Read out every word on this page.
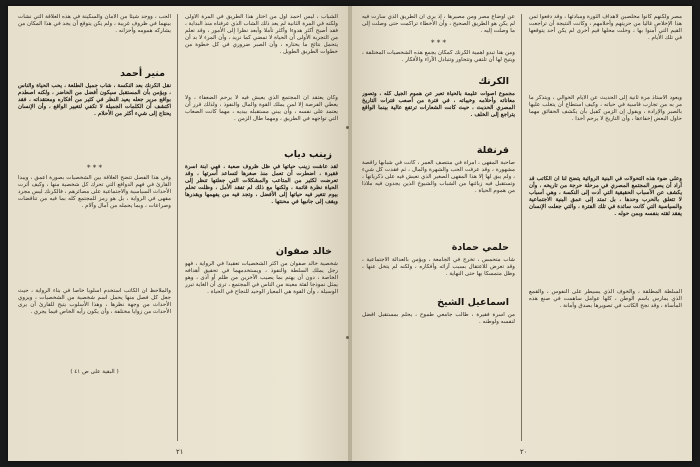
الشباب ، ليس أحمد أول من اختار هذا الطريق في المرة الأولى ولكنه في المرة الثانية لم يعد ذلك الشاب الذي عرفناه منذ البداية ، فقد أصبح أكثر هدوءا وأكثر تأملا وأبعد نظرا إلى الأمور ، وقد تعلم من التجربة الأولى أن الحياة لا تمضي كما نريد ، وأن المرء لا بد أن يتحمل نتائج ما يختاره ، وأن الصبر ضروري في كل خطوة من خطوات الطريق الطويل .

وكان يعتقد أن المجتمع الذي يعيش فيه لا يرحم الضعفاء ، ولا يعطي الفرصة إلا لمن يملك القوة والمال والنفوذ ، ولذلك قرر أن يعتمد على نفسه ، وأن يبني مستقبله بيديه ، مهما كانت الصعاب التي تواجهه في الطريق ، ومهما طال الزمن .

زينب دياب

لقد عاشت زينب حياتها في ظل ظروف صعبة ، فهي ابنة أسرة فقيرة ، اضطرت أن تعمل منذ صغرها لتساعد أسرتها ، وقد تعرضت لكثير من المتاعب والمشكلات التي جعلتها تنظر إلى الحياة نظرة قاتمة ، ولكنها مع ذلك لم تفقد الأمل ، وظلت تحلم بيوم تتغير فيه حياتها إلى الأفضل ، وتجد فيه من يفهمها ويقدرها ويقف إلى جانبها في محنتها .

خالد صفوان

شخصية خالد صفوان من أكثر الشخصيات تعقيدا في الرواية ، فهو رجل يملك السلطة والنفوذ ، ويستخدمهما في تحقيق أهدافه الخاصة ، دون أن يهتم بما يصيب الآخرين من ظلم أو أذى ، وهو يمثل نموذجا لفئة معينة من الناس في المجتمع ، ترى أن الغاية تبرر الوسيلة ، وأن القوة هي المعيار الوحيد للنجاح في الحياة .

الحب ، ووجد شيئا من الأمان والسكينة في هذه العلاقة التي نشأت بينهما في ظروف غريبة ، ولم يكن يتوقع أن يجد في هذا المكان من يشاركه همومه وأحزانه .

منير أحمد

نقل الكرنك بعد النكسة ، شاب جميل الطلعة ، يحب الحياة والناس ، ويؤمن بأن المستقبل سيكون أفضل من الحاضر ، ولكنه اصطدم بواقع مرير جعله يعيد النظر في كثير من أفكاره ومعتقداته ، فقد اكتشف أن الكلمات الجميلة لا تكفي لتغيير الواقع ، وأن الإنسان يحتاج إلى شيء أكثر من الأحلام .

* * *

وفي هذا الفصل تتضح العلاقة بين الشخصيات بصورة أعمق ، ويبدأ القارئ في فهم الدوافع التي تحرك كل شخصية منها ، وكيف أثرت الأحداث السياسية والاجتماعية على مصائرهم ، فالكرنك ليس مجرد مقهى في الرواية ، بل هو رمز للمجتمع كله بما فيه من تناقضات وصراعات ، وبما يحمله من آمال وآلام .

والملاحظ أن الكاتب استخدم أسلوبا خاصا في بناء الرواية ، حيث جعل كل فصل منها يحمل اسم شخصية من الشخصيات ، ويروي الأحداث من وجهة نظرها ، وهذا الأسلوب يتيح للقارئ أن يرى الأحداث من زوايا مختلفة ، وأن يكون رأيه الخاص فيما يجري .

( البقية على ص ٤١ )
٢١

مصر ولكنهم كانوا مخلصين لأهداف الثورة ومبادئها ، وقد دفعوا ثمن هذا الإخلاص غاليا من حريتهم وأحلامهم ، وكانت النتيجة أن تراجعت القيم التي آمنوا بها ، وحلت محلها قيم أخرى لم يكن أحد يتوقعها في تلك الأيام .

ويعود الأستاذ مرة ثانية إلى الحديث عن الأيام الخوالي ، ويتذكر ما مر به من تجارب قاسية في حياته ، وكيف استطاع أن يتغلب عليها بالصبر والإرادة ، ويقول إن الزمن كفيل بأن يكشف الحقائق مهما حاول البعض إخفاءها ، وأن التاريخ لا يرحم أحدا .

وعلى ضوء هذه التحولات في البنية الروائية يتضح لنا أن الكاتب قد أراد أن يصور المجتمع المصري في مرحلة حرجة من تاريخه ، وأن يكشف عن الأسباب الحقيقية التي أدت إلى النكسة ، وهي أسباب لا تتعلق بالحرب وحدها ، بل تمتد إلى عمق البنية الاجتماعية والسياسية التي كانت سائدة في تلك الفترة ، والتي جعلت الإنسان يفقد ثقته بنفسه وبمن حوله .

السلطة المطلقة ، والخوف الذي يسيطر على النفوس ، والقمع الذي يمارس باسم الوطن ، كلها عوامل ساهمت في صنع هذه المأساة ، وقد نجح الكاتب في تصويرها بصدق وأمانة .

عن أوضاع مصر ومن مصيرها ، إذ يرى أن الطريق الذي سارت فيه لم يكن هو الطريق الصحيح ، وأن الأخطاء تراكمت حتى وصلت إلى ما وصلت إليه .

* * *

ومن هنا تبدو أهمية الكرنك كمكان يجمع هذه الشخصيات المختلفة ، ويتيح لها أن تلتقي وتتحاور وتتبادل الآراء والأفكار .

الكرنك

مجموع أصوات عليمة بالحياة تعبر عن هموم الجيل كله ، وتصور معاناته وأحلامه وخيباته ، في فترة من أصعب فترات التاريخ المصري الحديث ، حيث كانت الشعارات ترتفع عالية بينما الواقع يتراجع إلى الخلف .

قرنفلة

صاحبة المقهى ، امرأة في منتصف العمر ، كانت في شبابها راقصة مشهورة ، وقد عرفت الحب والشهرة والمال ، ثم فقدت كل شيء ، ولم يبق لها إلا هذا المقهى الصغير الذي تعيش فيه على ذكرياتها ، وتستقبل فيه زبائنها من الشباب والشيوخ الذين يجدون فيه ملاذا من هموم الحياة .

حلمي حمادة

شاب متحمس ، تخرج في الجامعة ، ويؤمن بالعدالة الاجتماعية ، وقد تعرض للاعتقال بسبب آرائه وأفكاره ، ولكنه لم يتخل عنها ، وظل متمسكا بها حتى النهاية .

اسماعيل الشيخ

من أسرة فقيرة ، طالب جامعي طموح ، يحلم بمستقبل أفضل لنفسه ولوطنه .

٢٠
